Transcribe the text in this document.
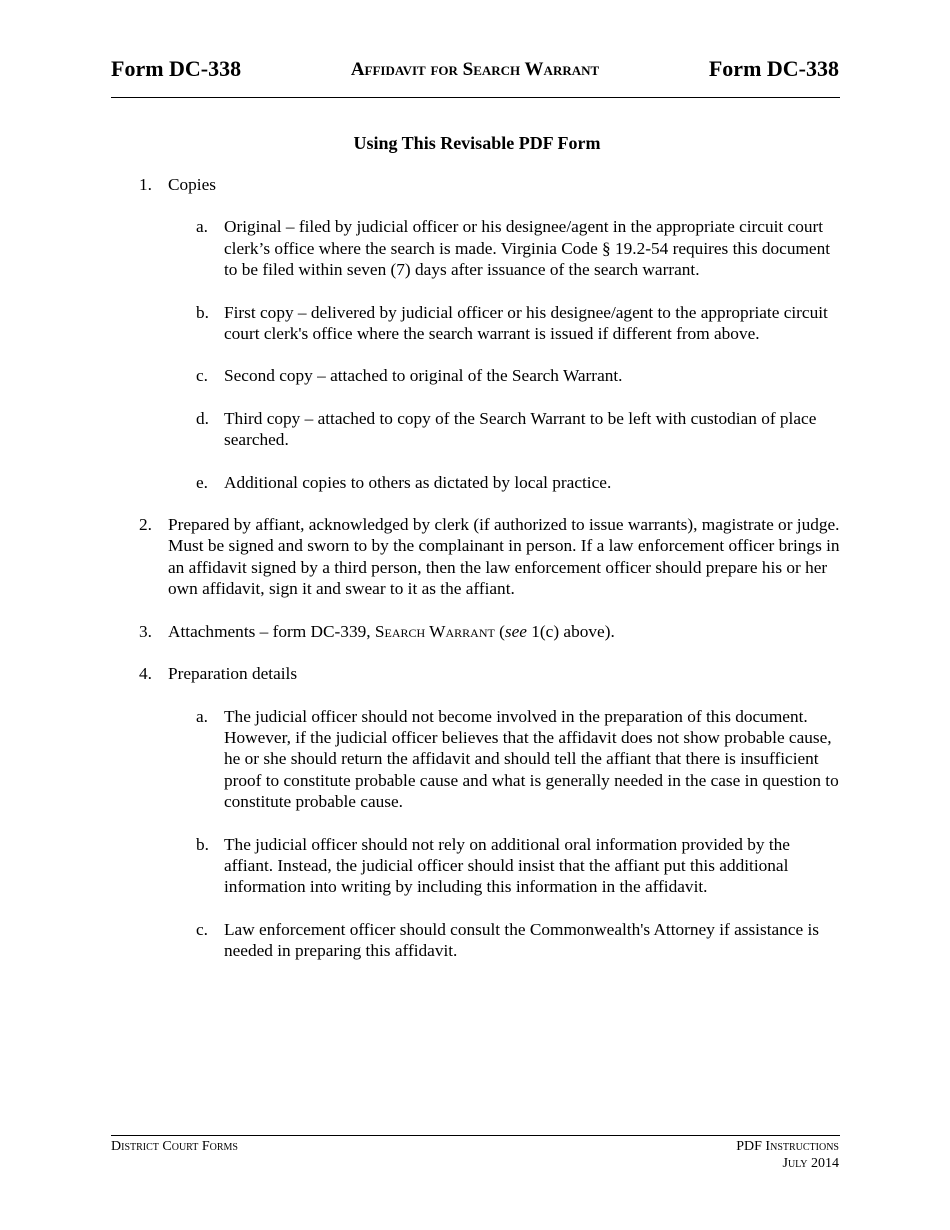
Form DC-338	Affidavit for Search Warrant	Form DC-338
Using This Revisable PDF Form
1. Copies
a. Original – filed by judicial officer or his designee/agent in the appropriate circuit court clerk’s office where the search is made. Virginia Code § 19.2-54 requires this document to be filed within seven (7) days after issuance of the search warrant.
b. First copy – delivered by judicial officer or his designee/agent to the appropriate circuit court clerk's office where the search warrant is issued if different from above.
c. Second copy – attached to original of the Search Warrant.
d. Third copy – attached to copy of the Search Warrant to be left with custodian of place searched.
e. Additional copies to others as dictated by local practice.
2. Prepared by affiant, acknowledged by clerk (if authorized to issue warrants), magistrate or judge. Must be signed and sworn to by the complainant in person. If a law enforcement officer brings in an affidavit signed by a third person, then the law enforcement officer should prepare his or her own affidavit, sign it and swear to it as the affiant.
3. Attachments – form DC-339, Search Warrant (see 1(c) above).
4. Preparation details
a. The judicial officer should not become involved in the preparation of this document. However, if the judicial officer believes that the affidavit does not show probable cause, he or she should return the affidavit and should tell the affiant that there is insufficient proof to constitute probable cause and what is generally needed in the case in question to constitute probable cause.
b. The judicial officer should not rely on additional oral information provided by the affiant. Instead, the judicial officer should insist that the affiant put this additional information into writing by including this information in the affidavit.
c. Law enforcement officer should consult the Commonwealth's Attorney if assistance is needed in preparing this affidavit.
District Court Forms	PDF Instructions
July 2014
